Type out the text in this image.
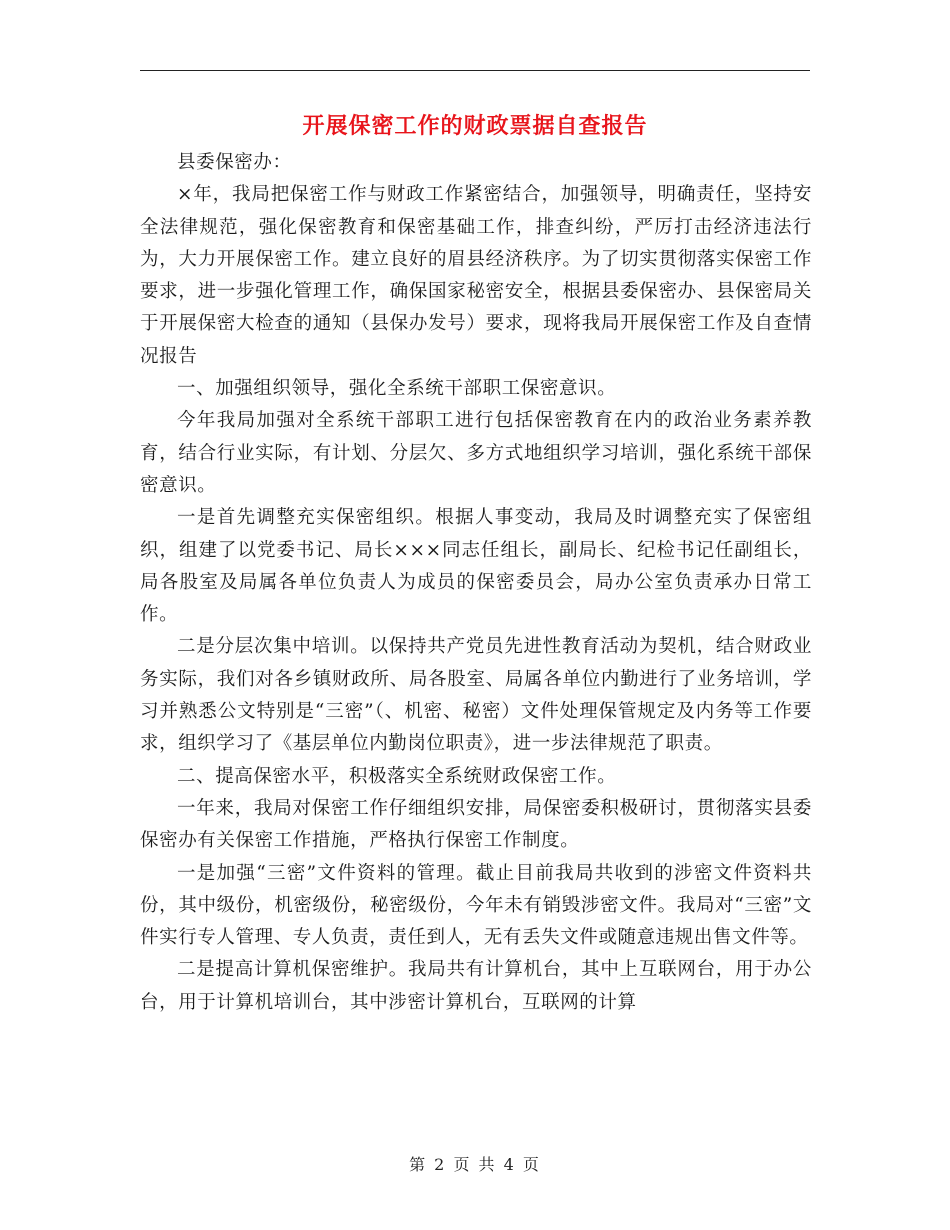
开展保密工作的财政票据自查报告

县委保密办：

×年，我局把保密工作与财政工作紧密结合，加强领导，明确责任，坚持安全法律规范，强化保密教育和保密基础工作，排查纠纷，严厉打击经济违法行为，大力开展保密工作。建立良好的眉县经济秩序。为了切实贯彻落实保密工作要求，进一步强化管理工作，确保国家秘密安全，根据县委保密办、县保密局关于开展保密大检查的通知（县保办发号）要求，现将我局开展保密工作及自查情况报告

一、加强组织领导，强化全系统干部职工保密意识。

今年我局加强对全系统干部职工进行包括保密教育在内的政治业务素养教育，结合行业实际，有计划、分层欠、多方式地组织学习培训，强化系统干部保密意识。

一是首先调整充实保密组织。根据人事变动，我局及时调整充实了保密组织，组建了以党委书记、局长×××同志任组长，副局长、纪检书记任副组长，局各股室及局属各单位负责人为成员的保密委员会，局办公室负责承办日常工作。

二是分层次集中培训。以保持共产党员先进性教育活动为契机，结合财政业务实际，我们对各乡镇财政所、局各股室、局属各单位内勤进行了业务培训，学习并熟悉公文特别是“三密”（、机密、秘密）文件处理保管规定及内务等工作要求，组织学习了《基层单位内勤岗位职责》，进一步法律规范了职责。

二、提高保密水平，积极落实全系统财政保密工作。

一年来，我局对保密工作仔细组织安排，局保密委积极研讨，贯彻落实县委保密办有关保密工作措施，严格执行保密工作制度。

一是加强“三密”文件资料的管理。截止目前我局共收到的涉密文件资料共份，其中级份，机密级份，秘密级份，今年未有销毁涉密文件。我局对“三密”文件实行专人管理、专人负责，责任到人，无有丢失文件或随意违规出售文件等。

二是提高计算机保密维护。我局共有计算机台，其中上互联网台，用于办公台，用于计算机培训台，其中涉密计算机台，互联网的计算

第 2 页 共 4 页
